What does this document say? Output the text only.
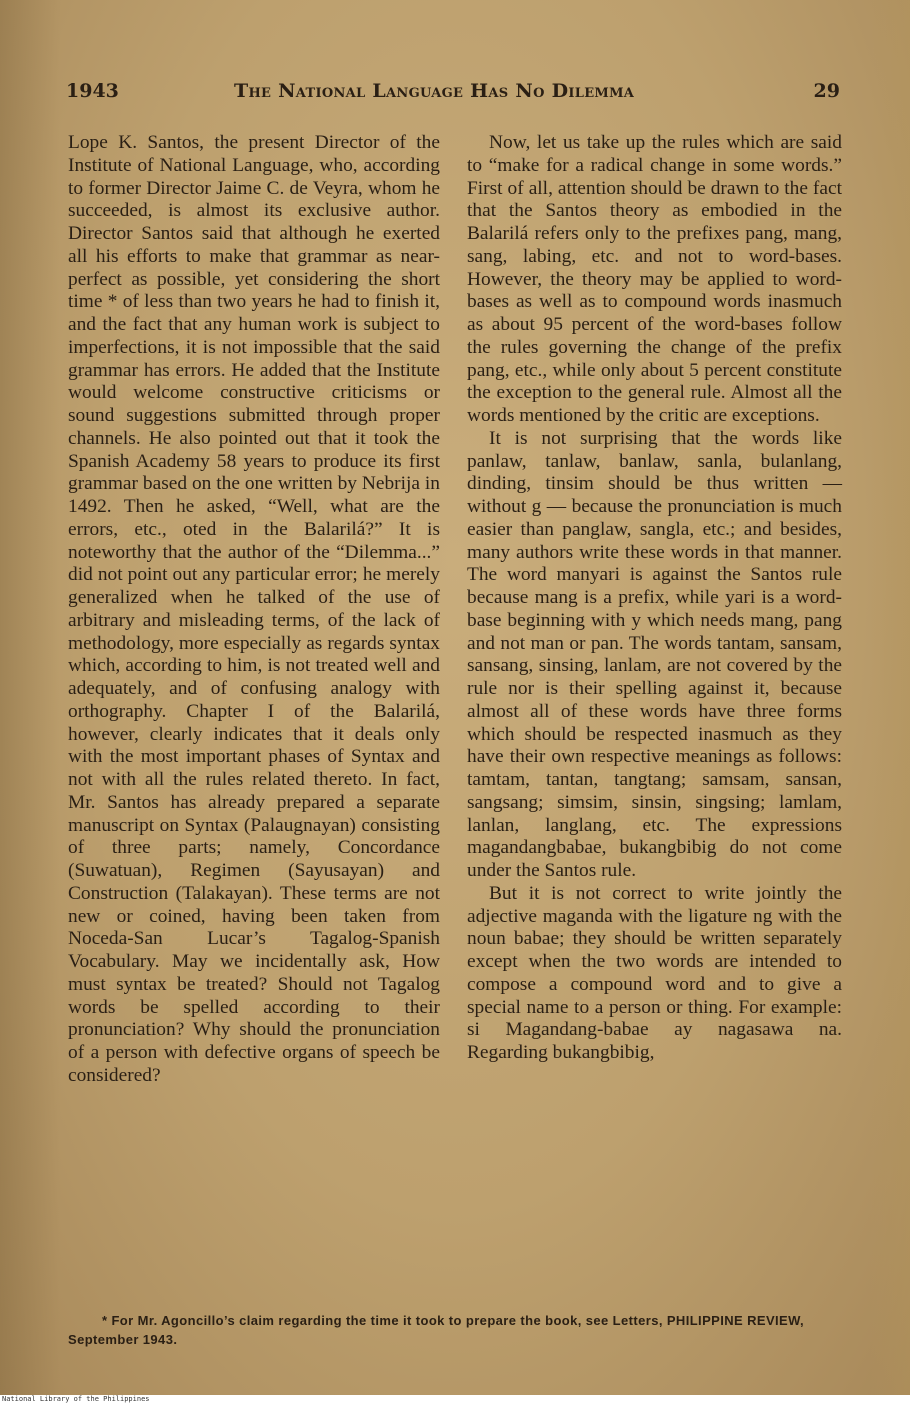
1943	The National Language Has No Dilemma	29

Lope K. Santos, the present Director of the Institute of National Language, who, according to former Director Jaime C. de Veyra, whom he succeeded, is almost its exclusive author. Director Santos said that although he exerted all his efforts to make that grammar as near-perfect as possible, yet considering the short time * of less than two years he had to finish it, and the fact that any human work is subject to imperfections, it is not impossible that the said grammar has errors. He added that the Institute would welcome constructive criticisms or sound suggestions submitted through proper channels. He also pointed out that it took the Spanish Academy 58 years to produce its first grammar based on the one written by Nebrija in 1492. Then he asked, “Well, what are the errors, etc., oted in the Balarilá?” It is noteworthy that the author of the “Dilemma...” did not point out any particular error; he merely generalized when he talked of the use of arbitrary and misleading terms, of the lack of methodology, more especially as regards syntax which, according to him, is not treated well and adequately, and of confusing analogy with orthography. Chapter I of the Balarilá, however, clearly indicates that it deals only with the most important phases of Syntax and not with all the rules related thereto. In fact, Mr. Santos has already prepared a separate manuscript on Syntax (Palaugnayan) consisting of three parts; namely, Concordance (Suwatuan), Regimen (Sayusayan) and Construction (Talakayan). These terms are not new or coined, having been taken from Noceda-San Lucar’s Tagalog-Spanish Vocabulary. May we incidentally ask, How must syntax be treated? Should not Tagalog words be spelled according to their pronunciation? Why should the pronunciation of a person with defective organs of speech be considered?

Now, let us take up the rules which are said to “make for a radical change in some words.” First of all, attention should be drawn to the fact that the Santos theory as embodied in the Balarilá refers only to the prefixes pang, mang, sang, labing, etc. and not to word-bases. However, the theory may be applied to word-bases as well as to compound words inasmuch as about 95 percent of the word-bases follow the rules governing the change of the prefix pang, etc., while only about 5 percent constitute the exception to the general rule. Almost all the words mentioned by the critic are exceptions.

It is not surprising that the words like panlaw, tanlaw, banlaw, sanla, bulanlang, dinding, tinsim should be thus written — without g — because the pronunciation is much easier than panglaw, sangla, etc.; and besides, many authors write these words in that manner. The word manyari is against the Santos rule because mang is a prefix, while yari is a word-base beginning with y which needs mang, pang and not man or pan. The words tantam, sansam, sansang, sinsing, lanlam, are not covered by the rule nor is their spelling against it, because almost all of these words have three forms which should be respected inasmuch as they have their own respective meanings as follows: tamtam, tantan, tangtang; samsam, sansan, sangsang; simsim, sinsin, singsing; lamlam, lanlan, langlang, etc. The expressions magandangbabae, bukangbibig do not come under the Santos rule.

But it is not correct to write jointly the adjective maganda with the ligature ng with the noun babae; they should be written separately except when the two words are intended to compose a compound word and to give a special name to a person or thing. For example: si Magandang-babae ay nagasawa na. Regarding bukangbibig,

* For Mr. Agoncillo’s claim regarding the time it took to prepare the book, see Letters, PHILIPPINE REVIEW, September 1943.
National Library of the Philippines
